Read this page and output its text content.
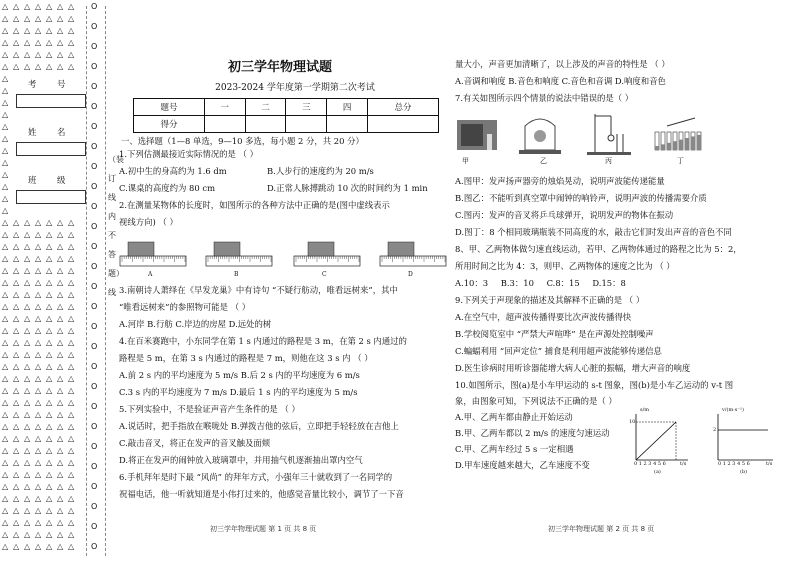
△ △ △ △ △ △ △
△ △ △ △ △ △ △
△ △ △ △ △ △ △
△ △ △ △ △ △ △
△ △ △ △ △ △ △
△ △ △ △ △ △ △
△
△
△
△
△
△
△
△
△
△
△
△
△ △ △ △ △ △ △
△ △ △ △ △ △ △
△ △ △ △ △ △ △
△ △ △ △ △ △ △
△ △ △ △ △ △ △
△ △ △ △ △ △ △
△ △ △ △ △ △ △
△ △ △ △ △ △ △
△ △ △ △ △ △ △
△ △ △ △ △ △ △
△ △ △ △ △ △ △
△ △ △ △ △ △ △
△ △ △ △ △ △ △
△ △ △ △ △ △ △
△ △ △ △ △ △ △
△ △ △ △ △ △ △
△ △ △ △ △ △ △
△ △ △ △ △ △ △
△ △ △ △ △ △ △
△ △ △ △ △ △ △
△ △ △ △ △ △ △
△ △ △ △ △ △ △
△ △ △ △ △ △ △
△ △ △ △ △ △ △
△ △ △ △ △ △ △
△ △ △ △ △ △ △
△ △ △ △ △ △ △
△ △ △ △ △ △ △
O
O
O
O
O
O
O
O
O
O
O
O
O
O
O
O
O
O
O
O
O
O
O
O
O
O
O
O
考 号
姓 名
班 级
（装
订
线
内
不
答
题）
线
初三学年物理试题
2023-2024 学年度第一学期第二次考试
题号	一	二	三	四	总分
得分					
一、选择题（1—8 单选，9—10 多选，每小题 2 分，共 20 分）
1.下列估测最接近实际情况的是 （ ）
A.初中生的身高约为 1.6 dm	B.人步行的速度约为 20 m/s
C.课桌的高度约为 80 cm	D.正常人脉搏跳动 10 次的时间约为 1 min
2.在测量某物体的长度时，如图所示的各种方法中正确的是(图中虚线表示
视线方向) （ ）
3.南朝诗人萧绎在《早发龙巢》中有诗句 “不疑行舫动，唯看远树来”，其中
“唯看远树来”的参照物可能是 （ ）
A.河岸 B.行舫 C.岸边的房屋 D.远处的树
4.在百米赛跑中，小东同学在第 1 s 内通过的路程是 3 m，在第 2 s 内通过的
路程是 5 m，在第 3 s 内通过的路程是 7 m，则他在这 3 s 内 （ ）
A.前 2 s 内的平均速度为 5 m/s B.后 2 s 内的平均速度为 6 m/s
C.3 s 内的平均速度为 7 m/s D.最后 1 s 内的平均速度为 5 m/s
5.下列实验中，不是验证声音产生条件的是 （ ）
A.说话时，把手指放在喉咙处 B.弹拨吉他的弦后，立即把手轻轻放在吉他上
C.敲击音叉，将正在发声的音叉触及面颊
D.将正在发声的闹钟放入玻璃罩中，并用抽气机逐渐抽出罩内空气
6.手机拜年是时下最 “风尚” 的拜年方式，小强年三十就收到了一名同学的
祝福电话，他一听就知道是小伟打过来的，他感觉音量比较小，调节了一下音
初三学年物理试题 第 1 页 共 8 页
A	B	C	D
量大小，声音更加清晰了，以上涉及的声音的特性是 （ ）
A.音调和响度 B.音色和响度 C.音色和音调 D.响度和音色
7.有关如图所示四个情景的说法中错误的是（ ）
甲	乙	丙	丁
A.图甲：发声扬声器旁的烛焰晃动，说明声波能传递能量
B.图乙：不能听到真空罩中闹钟的响铃声，说明声波的传播需要介质
C.图丙：发声的音叉将乒乓球弹开，说明发声的物体在振动
D.图丁：8 个相同玻璃瓶装不同高度的水，敲击它们时发出声音的音色不同
8、甲、乙两物体做匀速直线运动，若甲、乙两物体通过的路程之比为 5：2，
所用时间之比为 4：3，则甲、乙两物体的速度之比为 （ ）
A.10：3 B.3：10 C.8：15 D.15：8
9.下列关于声现象的描述及其解释不正确的是 （ ）
A.在空气中，超声波传播得要比次声波传播得快
B.学校阅览室中 “严禁大声喧哗” 是在声源处控制噪声
C.蝙蝠利用 “回声定位” 捕食是利用超声波能够传递信息
D.医生诊病时用听诊器能增大病人心脏的振幅，增大声音的响度
10.如图所示，图(a)是小车甲运动的 s-t 图象，图(b)是小车乙运动的 v-t 图
象，由图象可知，下列说法不正确的是（ ）
A.甲、乙两车都由静止开始运动
B.甲、乙两车都以 2 m/s 的速度匀速运动
C.甲、乙两车经过 5 s 一定相遇
D.甲车速度越来越大，乙车速度不变
初三学年物理试题 第 2 页 共 8 页
s/m
10
0 1 2 3 4 5 6	t/s
(a)
v/(m·s⁻¹)
2
0 1 2 3 4 5 6	t/s
(b)
